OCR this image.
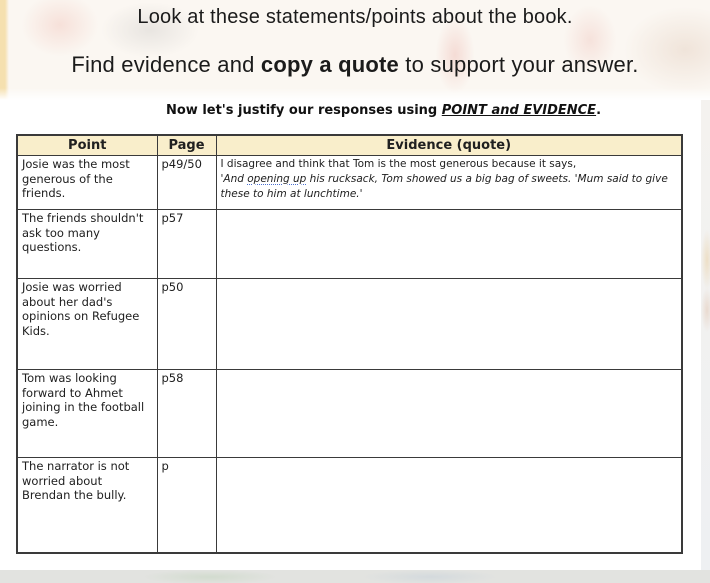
Look at these statements/points about the book.
Find evidence and copy a quote to support your answer.
Now let's justify our responses using POINT and EVIDENCE.
Point	Page	Evidence (quote)
Josie was the most generous of the friends.	p49/50	I disagree and think that Tom is the most generous because it says,
'And opening up his rucksack, Tom showed us a big bag of sweets. 'Mum said to give these to him at lunchtime.'

The friends shouldn't ask too many questions.	p57	
Josie was worried about her dad's opinions on Refugee Kids.	p50	
Tom was looking forward to Ahmet joining in the football game.	p58	
The narrator is not worried about Brendan the bully.	p	
